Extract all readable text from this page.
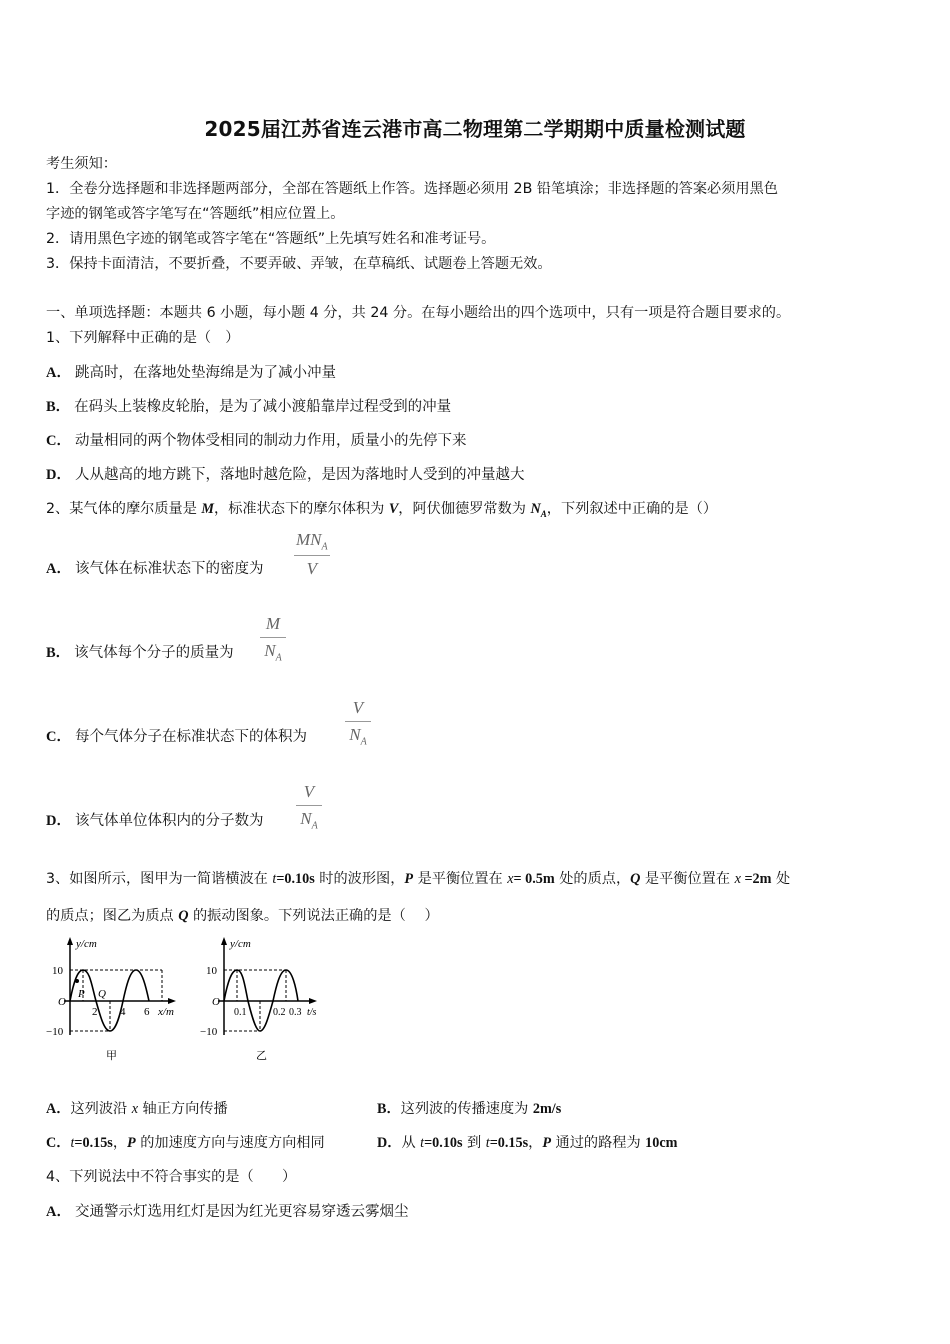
2025届江苏省连云港市高二物理第二学期期中质量检测试题
考生须知：
1．全卷分选择题和非选择题两部分，全部在答题纸上作答。选择题必须用 2B 铅笔填涂；非选择题的答案必须用黑色
字迹的钢笔或答字笔写在“答题纸”相应位置上。
2．请用黑色字迹的钢笔或答字笔在“答题纸”上先填写姓名和准考证号。
3．保持卡面清洁，不要折叠，不要弄破、弄皱，在草稿纸、试题卷上答题无效。
一、单项选择题：本题共 6 小题，每小题 4 分，共 24 分。在每小题给出的四个选项中，只有一项是符合题目要求的。
1、下列解释中正确的是（　）
A． 跳高时，在落地处垫海绵是为了减小冲量
B． 在码头上装橡皮轮胎，是为了减小渡船靠岸过程受到的冲量
C． 动量相同的两个物体受相同的制动力作用，质量小的先停下来
D． 人从越高的地方跳下，落地时越危险，是因为落地时人受到的冲量越大
2、某气体的摩尔质量是 M，标准状态下的摩尔体积为 V，阿伏伽德罗常数为 $N_A$，下列叙述中正确的是（）
A． 该气体在标准状态下的密度为
$MN_A$
V
B． 该气体每个分子的质量为 $\frac{M}{N_A}$
C． 每个气体分子在标准状态下的体积为 $\frac{V}{N_A}$
D． 该气体单位体积内的分子数为 $\frac{V}{N_A}$
3、如图所示，图甲为一简谐横波在 t=0.10s 时的波形图，P 是平衡位置在 x= 0.5m 处的质点，Q 是平衡位置在 x =2m 处
的质点；图乙为质点 Q 的振动图象。下列说法正确的是（　 ）
y/cm
10
−10
O
2 4 6 x/m
P Q
甲
y/cm
10
−10
O
0.1	0.2 0.3 t/s
乙
A．这列波沿 x 轴正方向传播	B．这列波的传播速度为 2m/s
C．t=0.15s，P 的加速度方向与速度方向相同	D．从 t=0.10s 到 t=0.15s，P 通过的路程为 10cm
4、下列说法中不符合事实的是（　　）
A． 交通警示灯选用红灯是因为红光更容易穿透云雾烟尘
